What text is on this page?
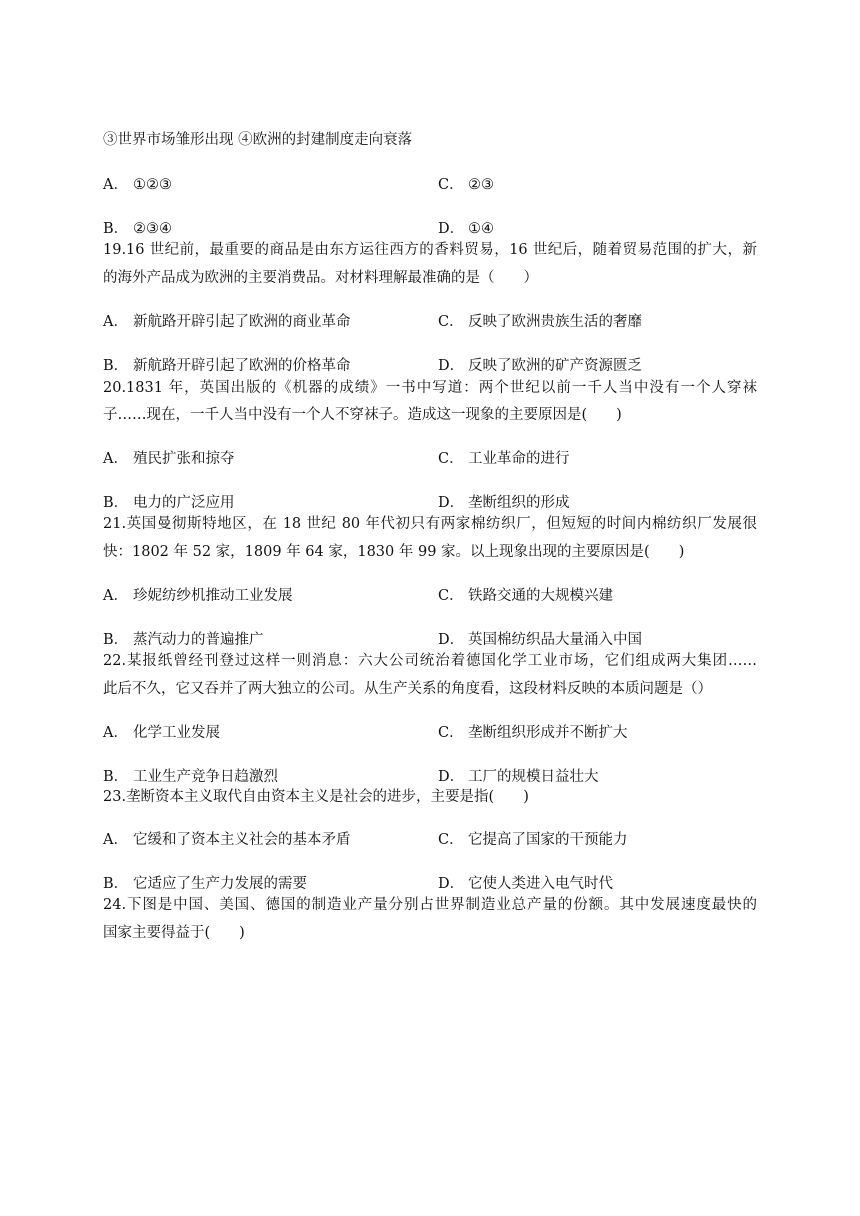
③世界市场雏形出现 ④欧洲的封建制度走向衰落
A． ①②③	C． ②③
B． ②③④	D． ①④
19.16 世纪前，最重要的商品是由东方运往西方的香料贸易，16 世纪后，随着贸易范围的扩大，新
的海外产品成为欧洲的主要消费品。对材料理解最准确的是（　　）
A． 新航路开辟引起了欧洲的商业革命	C． 反映了欧洲贵族生活的奢靡
B． 新航路开辟引起了欧洲的价格革命	D． 反映了欧洲的矿产资源匮乏
20.1831 年，英国出版的《机器的成绩》一书中写道：两个世纪以前一千人当中没有一个人穿袜
子……现在，一千人当中没有一个人不穿袜子。造成这一现象的主要原因是(　　)
A． 殖民扩张和掠夺	C． 工业革命的进行
B． 电力的广泛应用	D． 垄断组织的形成
21.英国曼彻斯特地区，在 18 世纪 80 年代初只有两家棉纺织厂，但短短的时间内棉纺织厂发展很
快：1802 年 52 家，1809 年 64 家，1830 年 99 家。以上现象出现的主要原因是(　　)
A． 珍妮纺纱机推动工业发展	C． 铁路交通的大规模兴建
B． 蒸汽动力的普遍推广	D． 英国棉纺织品大量涌入中国
22.某报纸曾经刊登过这样一则消息：六大公司统治着德国化学工业市场，它们组成两大集团……
此后不久，它又吞并了两大独立的公司。从生产关系的角度看，这段材料反映的本质问题是（）
A． 化学工业发展	C． 垄断组织形成并不断扩大
B． 工业生产竞争日趋激烈	D． 工厂的规模日益壮大
23.垄断资本主义取代自由资本主义是社会的进步，主要是指(　　)
A． 它缓和了资本主义社会的基本矛盾	C． 它提高了国家的干预能力
B． 它适应了生产力发展的需要	D． 它使人类进入电气时代
24.下图是中国、美国、德国的制造业产量分别占世界制造业总产量的份额。其中发展速度最快的
国家主要得益于(　　)
